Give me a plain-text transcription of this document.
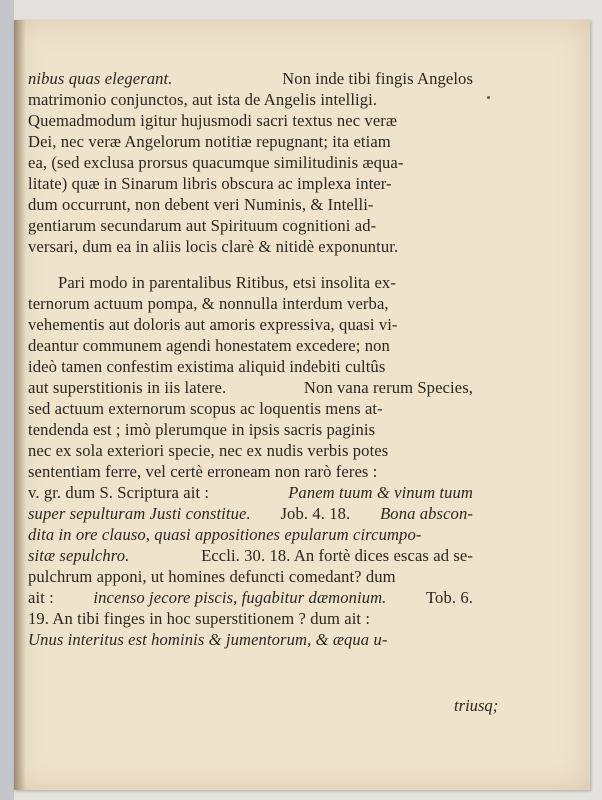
nibus quas elegerant.	Non inde tibi fingis Angelos
matrimonio conjunctos, aut ista de Angelis intelligi.
Quemadmodum igitur hujusmodi sacri textus nec veræ
Dei, nec veræ Angelorum notitiæ repugnant; ita etiam
ea, (sed exclusa prorsus quacumque similitudinis æqua-
litate) quæ in Sinarum libris obscura ac implexa inter-
dum occurrunt, non debent veri Numinis, & Intelli-
gentiarum secundarum aut Spirituum cognitioni ad-
versari, dum ea in aliis locis clarè & nitidè exponuntur.
Pari modo in parentalibus Ritibus, etsi insolita ex-
ternorum actuum pompa, & nonnulla interdum verba,
vehementis aut doloris aut amoris expressiva, quasi vi-
deantur communem agendi honestatem excedere; non
ideò tamen confestim existima aliquid indebiti cultûs
aut superstitionis in iis latere.	Non vana rerum Species,
sed actuum externorum scopus ac loquentis mens at-
tendenda est ; imò plerumque in ipsis sacris paginis
nec ex sola exteriori specie, nec ex nudis verbis potes
sententiam ferre, vel certè erroneam non rarò feres :
v. gr. dum S. Scriptura ait :	Panem tuum & vinum tuum
super sepulturam Justi constitue. Job. 4. 18. Bona abscon-
dita in ore clauso, quasi appositiones epularum circumpo-
sitæ sepulchro.	Eccli. 30. 18. An fortè dices escas ad se-
pulchrum apponi, ut homines defuncti comedant? dum
ait : incenso jecore piscis, fugabitur dæmonium. Tob. 6.
19. An tibi finges in hoc superstitionem ? dum ait :
Unus interitus est hominis & jumentorum, & æqua u-
triusq;
